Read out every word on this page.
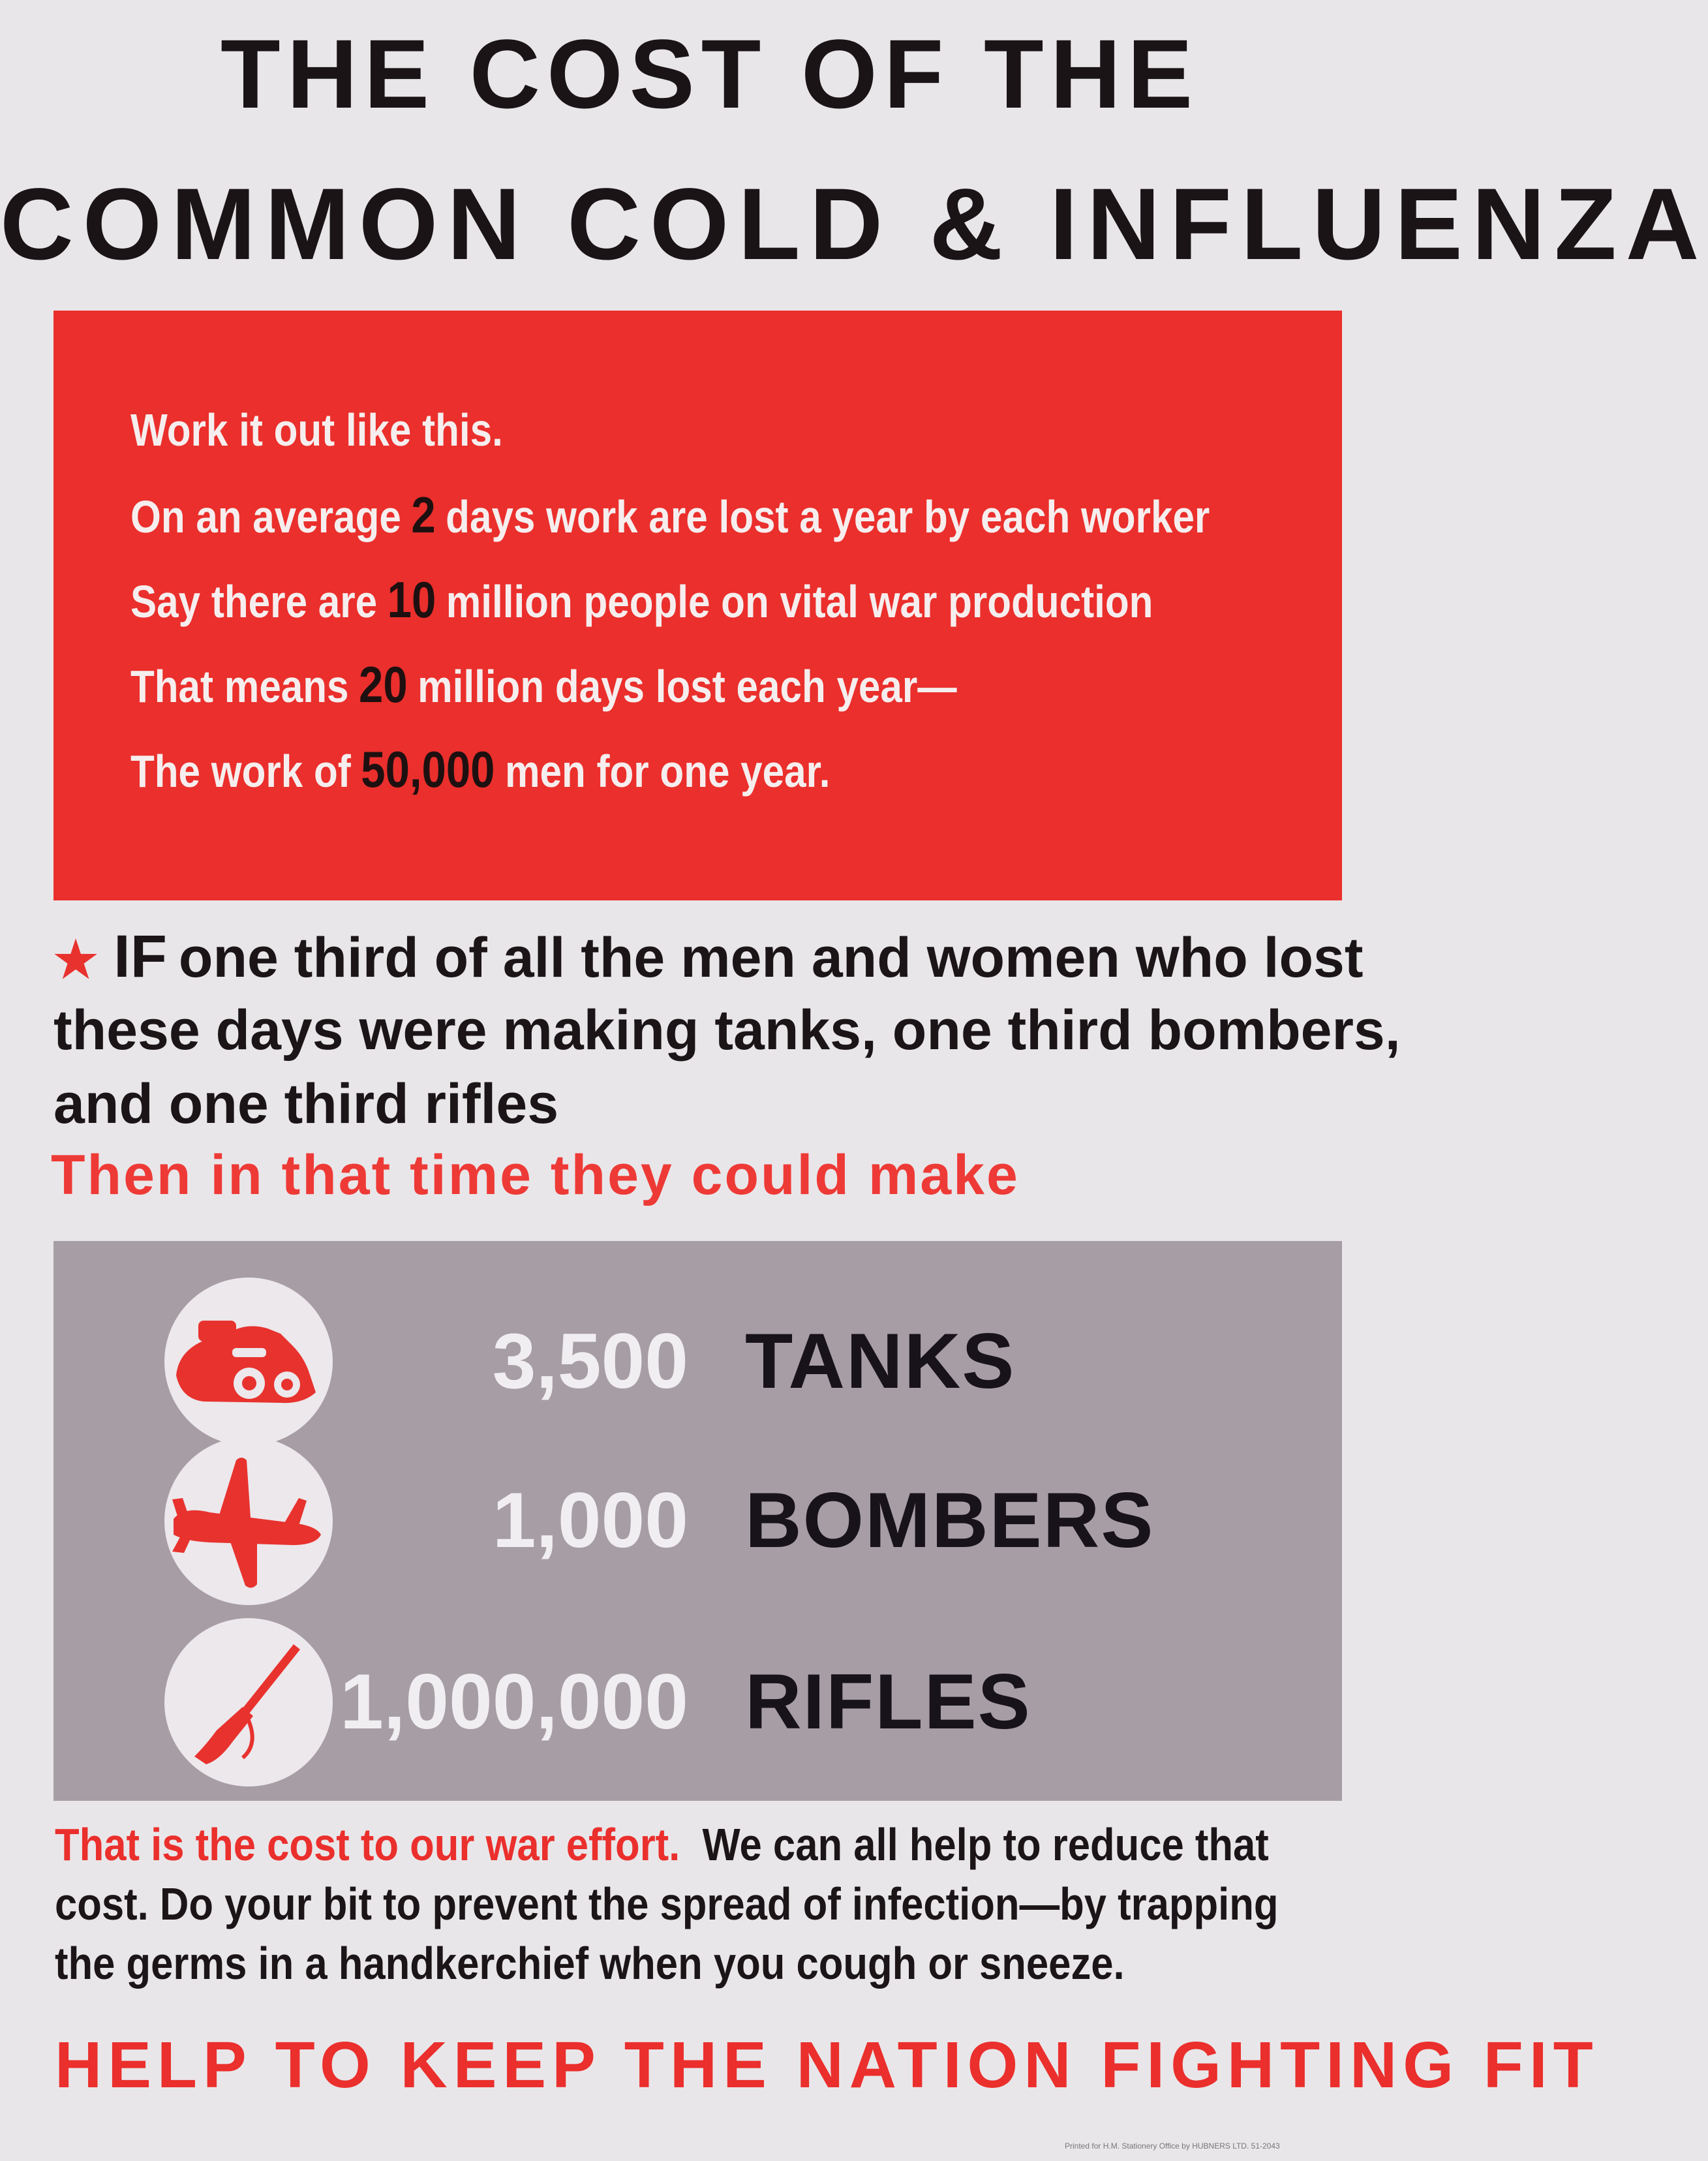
THE COST OF THE
COMMON COLD & INFLUENZA
Work it out like this.
On an average 2 days work are lost a year by each worker
Say there are 10 million people on vital war production
That means 20 million days lost each year—
The work of 50,000 men for one year.
★ IF one third of all the men and women who lost
these days were making tanks, one third bombers,
and one third rifles
Then in that time they could make
3,500 TANKS
1,000 BOMBERS
1,000,000 RIFLES
That is the cost to our war effort. We can all help to reduce that
cost. Do your bit to prevent the spread of infection—by trapping
the germs in a handkerchief when you cough or sneeze.
HELP TO KEEP THE NATION FIGHTING FIT
Printed for H.M. Stationery Office by HUBNERS LTD. 51-2043
